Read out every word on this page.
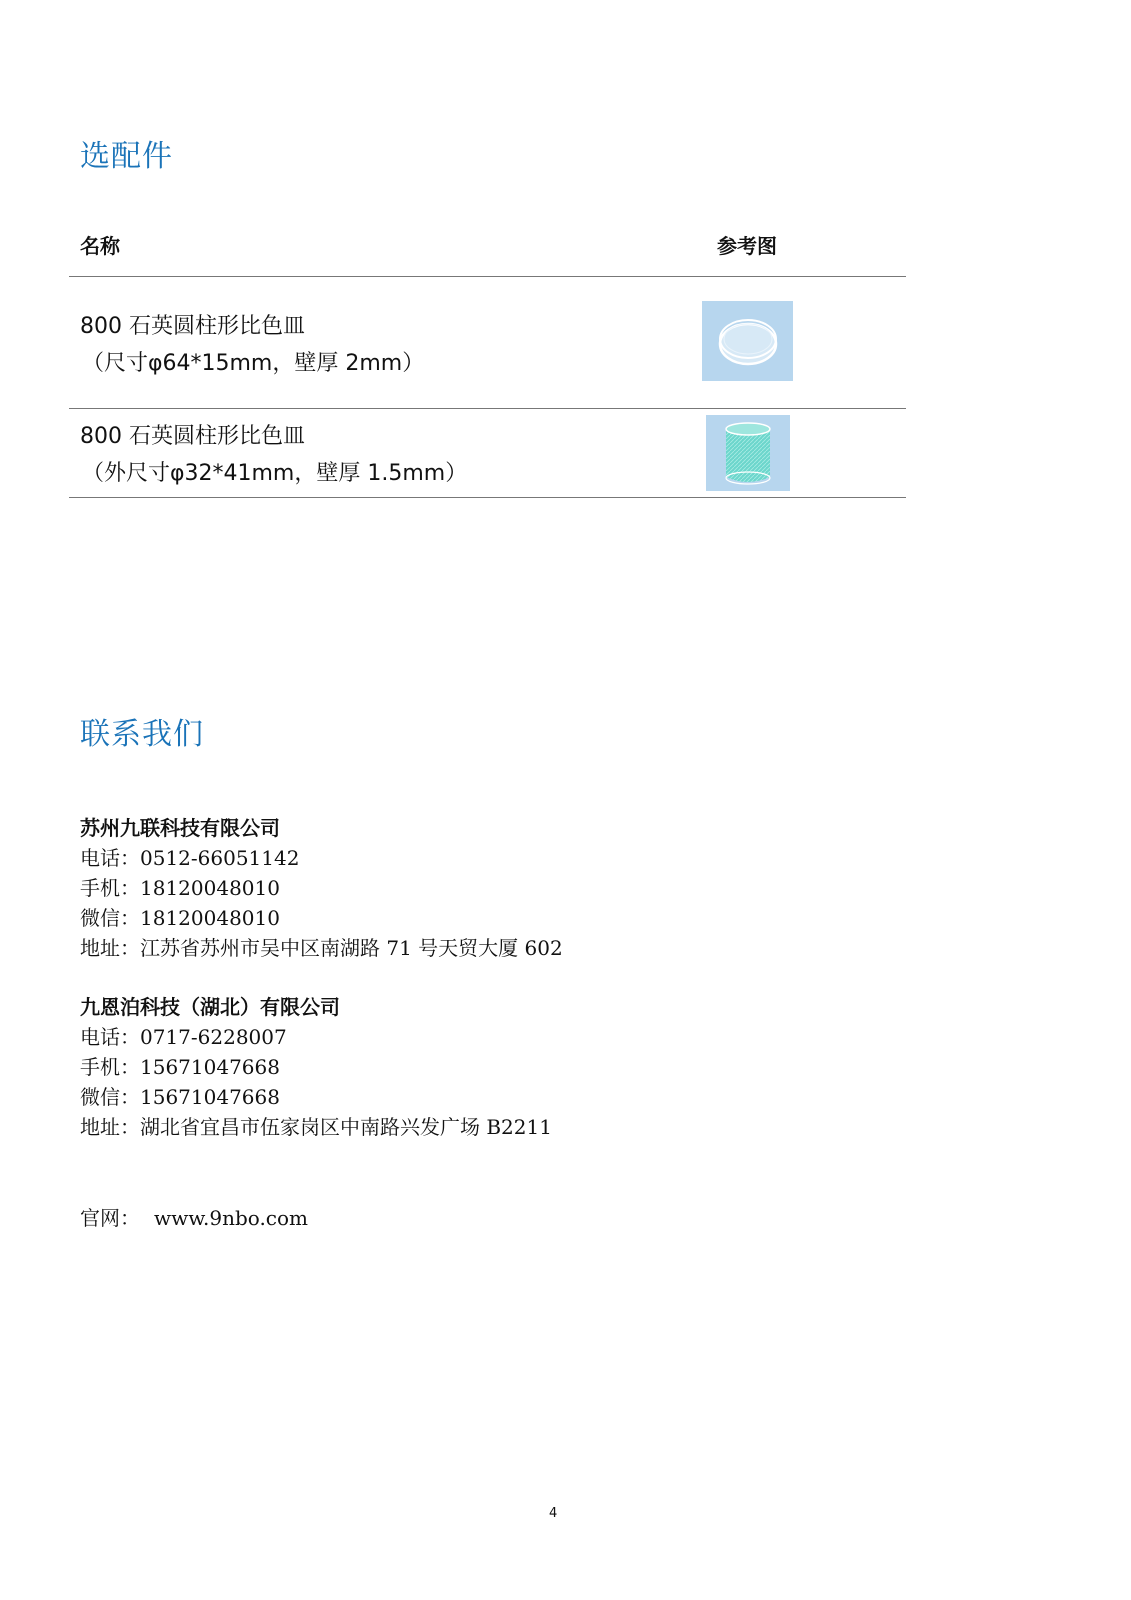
选配件
名称	参考图
800 石英圆柱形比色皿
（尺寸φ64*15mm，壁厚 2mm）
800 石英圆柱形比色皿
（外尺寸φ32*41mm，壁厚 1.5mm）
联系我们
苏州九联科技有限公司
电话：0512-66051142
手机：18120048010
微信：18120048010
地址：江苏省苏州市吴中区南湖路 71 号天贸大厦 602
九恩泊科技（湖北）有限公司
电话：0717-6228007
手机：15671047668
微信：15671047668
地址：湖北省宜昌市伍家岗区中南路兴发广场 B2211
官网： www.9nbo.com
4
